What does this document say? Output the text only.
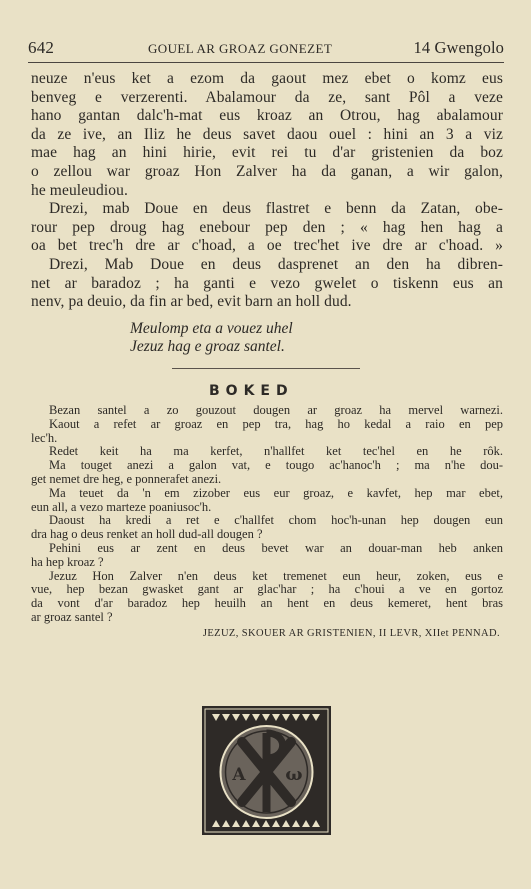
642	GOUEL AR GROAZ GONEZET	14 Gwengolo
neuze n'eus ket a ezom da gaout mez ebet o komz eus
benveg e verzerenti. Abalamour da ze, sant Pôl a veze
hano gantan dalc'h-mat eus kroaz an Otrou, hag abalamour
da ze ive, an Iliz he deus savet daou ouel : hini an 3 a viz
mae hag an hini hirie, evit rei tu d'ar gristenien da boz
o zellou war groaz Hon Zalver ha da ganan, a wir galon,
he meuleudiou.
Drezi, mab Doue en deus flastret e benn da Zatan, obe-
rour pep droug hag enebour pep den ; « hag hen hag a
oa bet trec'h dre ar c'hoad, a oe trec'het ive dre ar c'hoad. »
Drezi, Mab Doue en deus dasprenet an den ha dibren-
net ar baradoz ; ha ganti e vezo gwelet o tiskenn eus an
nenv, pa deuio, da fin ar bed, evit barn an holl dud.
Meulomp eta a vouez uhel
Jezuz hag e groaz santel.
BOKED
Bezan santel a zo gouzout dougen ar groaz ha mervel warnezi.
Kaout a refet ar groaz en pep tra, hag ho kedal a raio en pep
lec'h.
Redet keit ha ma kerfet, n'hallfet ket tec'hel en he rôk.
Ma touget anezi a galon vat, e tougo ac'hanoc'h ; ma n'he dou-
get nemet dre heg, e ponnerafet anezi.
Ma teuet da 'n em zizober eus eur groaz, e kavfet, hep mar ebet,
eun all, a vezo marteze poaniusoc'h.
Daoust ha kredi a ret e c'hallfet chom hoc'h-unan hep dougen eun
dra hag o deus renket an holl dud-all dougen ?
Pehini eus ar zent en deus bevet war an douar-man heb anken
ha hep kroaz ?
Jezuz Hon Zalver n'en deus ket tremenet eun heur, zoken, eus e
vue, hep bezan gwasket gant ar glac'har ; ha c'houi a ve en gortoz
da vont d'ar baradoz hep heuilh an hent en deus kemeret, hent bras
ar groaz santel ?
JEZUZ, SKOUER AR GRISTENIEN, II LEVR, XIIet PENNAD.
A ω
